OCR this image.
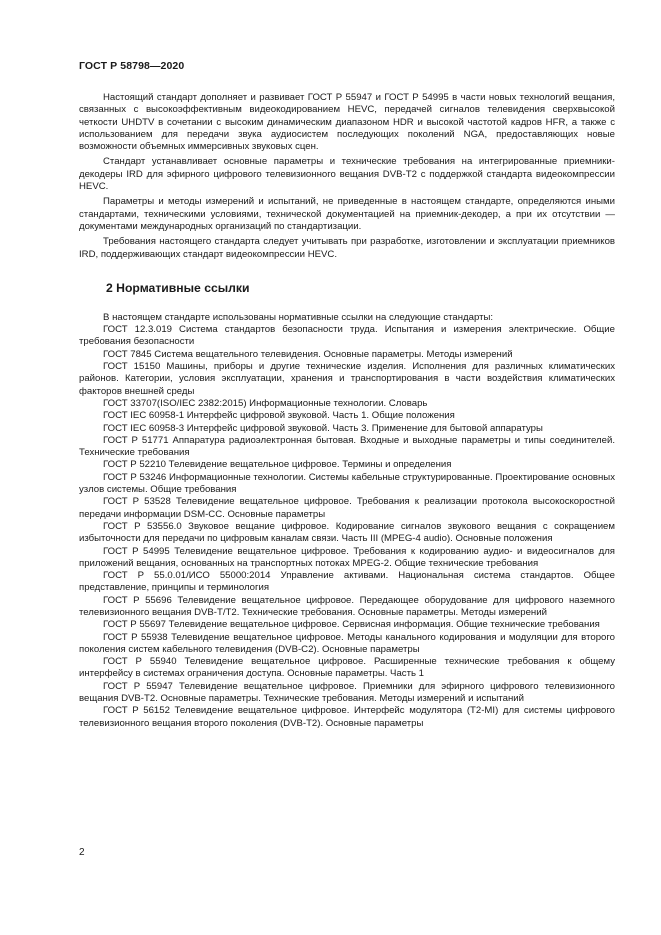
ГОСТ Р 58798—2020

Настоящий стандарт дополняет и развивает ГОСТ Р 55947 и ГОСТ Р 54995 в части новых технологий вещания, связанных с высокоэффективным видеокодированием HEVC, передачей сигналов телевидения сверхвысокой четкости UHDTV в сочетании с высоким динамическим диапазоном HDR и высокой частотой кадров HFR, а также с использованием для передачи звука аудиосистем последующих поколений NGA, предоставляющих новые возможности объемных иммерсивных звуковых сцен.

Стандарт устанавливает основные параметры и технические требования на интегрированные приемники-декодеры IRD для эфирного цифрового телевизионного вещания DVB-T2 с поддержкой стандарта видеокомпрессии HEVC.

Параметры и методы измерений и испытаний, не приведенные в настоящем стандарте, определяются иными стандартами, техническими условиями, технической документацией на приемник-декодер, а при их отсутствии — документами международных организаций по стандартизации.

Требования настоящего стандарта следует учитывать при разработке, изготовлении и эксплуатации приемников IRD, поддерживающих стандарт видеокомпрессии HEVC.

2 Нормативные ссылки

В настоящем стандарте использованы нормативные ссылки на следующие стандарты:

ГОСТ 12.3.019 Система стандартов безопасности труда. Испытания и измерения электрические. Общие требования безопасности

ГОСТ 7845 Система вещательного телевидения. Основные параметры. Методы измерений

ГОСТ 15150 Машины, приборы и другие технические изделия. Исполнения для различных климатических районов. Категории, условия эксплуатации, хранения и транспортирования в части воздействия климатических факторов внешней среды

ГОСТ 33707(ISO/IEC 2382:2015) Информационные технологии. Словарь

ГОСТ IEC 60958-1 Интерфейс цифровой звуковой. Часть 1. Общие положения

ГОСТ IEC 60958-3 Интерфейс цифровой звуковой. Часть 3. Применение для бытовой аппаратуры

ГОСТ Р 51771 Аппаратура радиоэлектронная бытовая. Входные и выходные параметры и типы соединителей. Технические требования

ГОСТ Р 52210 Телевидение вещательное цифровое. Термины и определения

ГОСТ Р 53246 Информационные технологии. Системы кабельные структурированные. Проектирование основных узлов системы. Общие требования

ГОСТ Р 53528 Телевидение вещательное цифровое. Требования к реализации протокола высокоскоростной передачи информации DSM-CC. Основные параметры

ГОСТ Р 53556.0 Звуковое вещание цифровое. Кодирование сигналов звукового вещания с сокращением избыточности для передачи по цифровым каналам связи. Часть III (MPEG-4 audio). Основные положения

ГОСТ Р 54995 Телевидение вещательное цифровое. Требования к кодированию аудио- и видеосигналов для приложений вещания, основанных на транспортных потоках MPEG-2. Общие технические требования

ГОСТ Р 55.0.01/ИСО 55000:2014 Управление активами. Национальная система стандартов. Общее представление, принципы и терминология

ГОСТ Р 55696 Телевидение вещательное цифровое. Передающее оборудование для цифрового наземного телевизионного вещания DVB-T/T2. Технические требования. Основные параметры. Методы измерений

ГОСТ Р 55697 Телевидение вещательное цифровое. Сервисная информация. Общие технические требования

ГОСТ Р 55938 Телевидение вещательное цифровое. Методы канального кодирования и модуляции для второго поколения систем кабельного телевидения (DVB-C2). Основные параметры

ГОСТ Р 55940 Телевидение вещательное цифровое. Расширенные технические требования к общему интерфейсу в системах ограничения доступа. Основные параметры. Часть 1

ГОСТ Р 55947 Телевидение вещательное цифровое. Приемники для эфирного цифрового телевизионного вещания DVB-T2. Основные параметры. Технические требования. Методы измерений и испытаний

ГОСТ Р 56152 Телевидение вещательное цифровое. Интерфейс модулятора (T2-MI) для системы цифрового телевизионного вещания второго поколения (DVB-T2). Основные параметры

2
